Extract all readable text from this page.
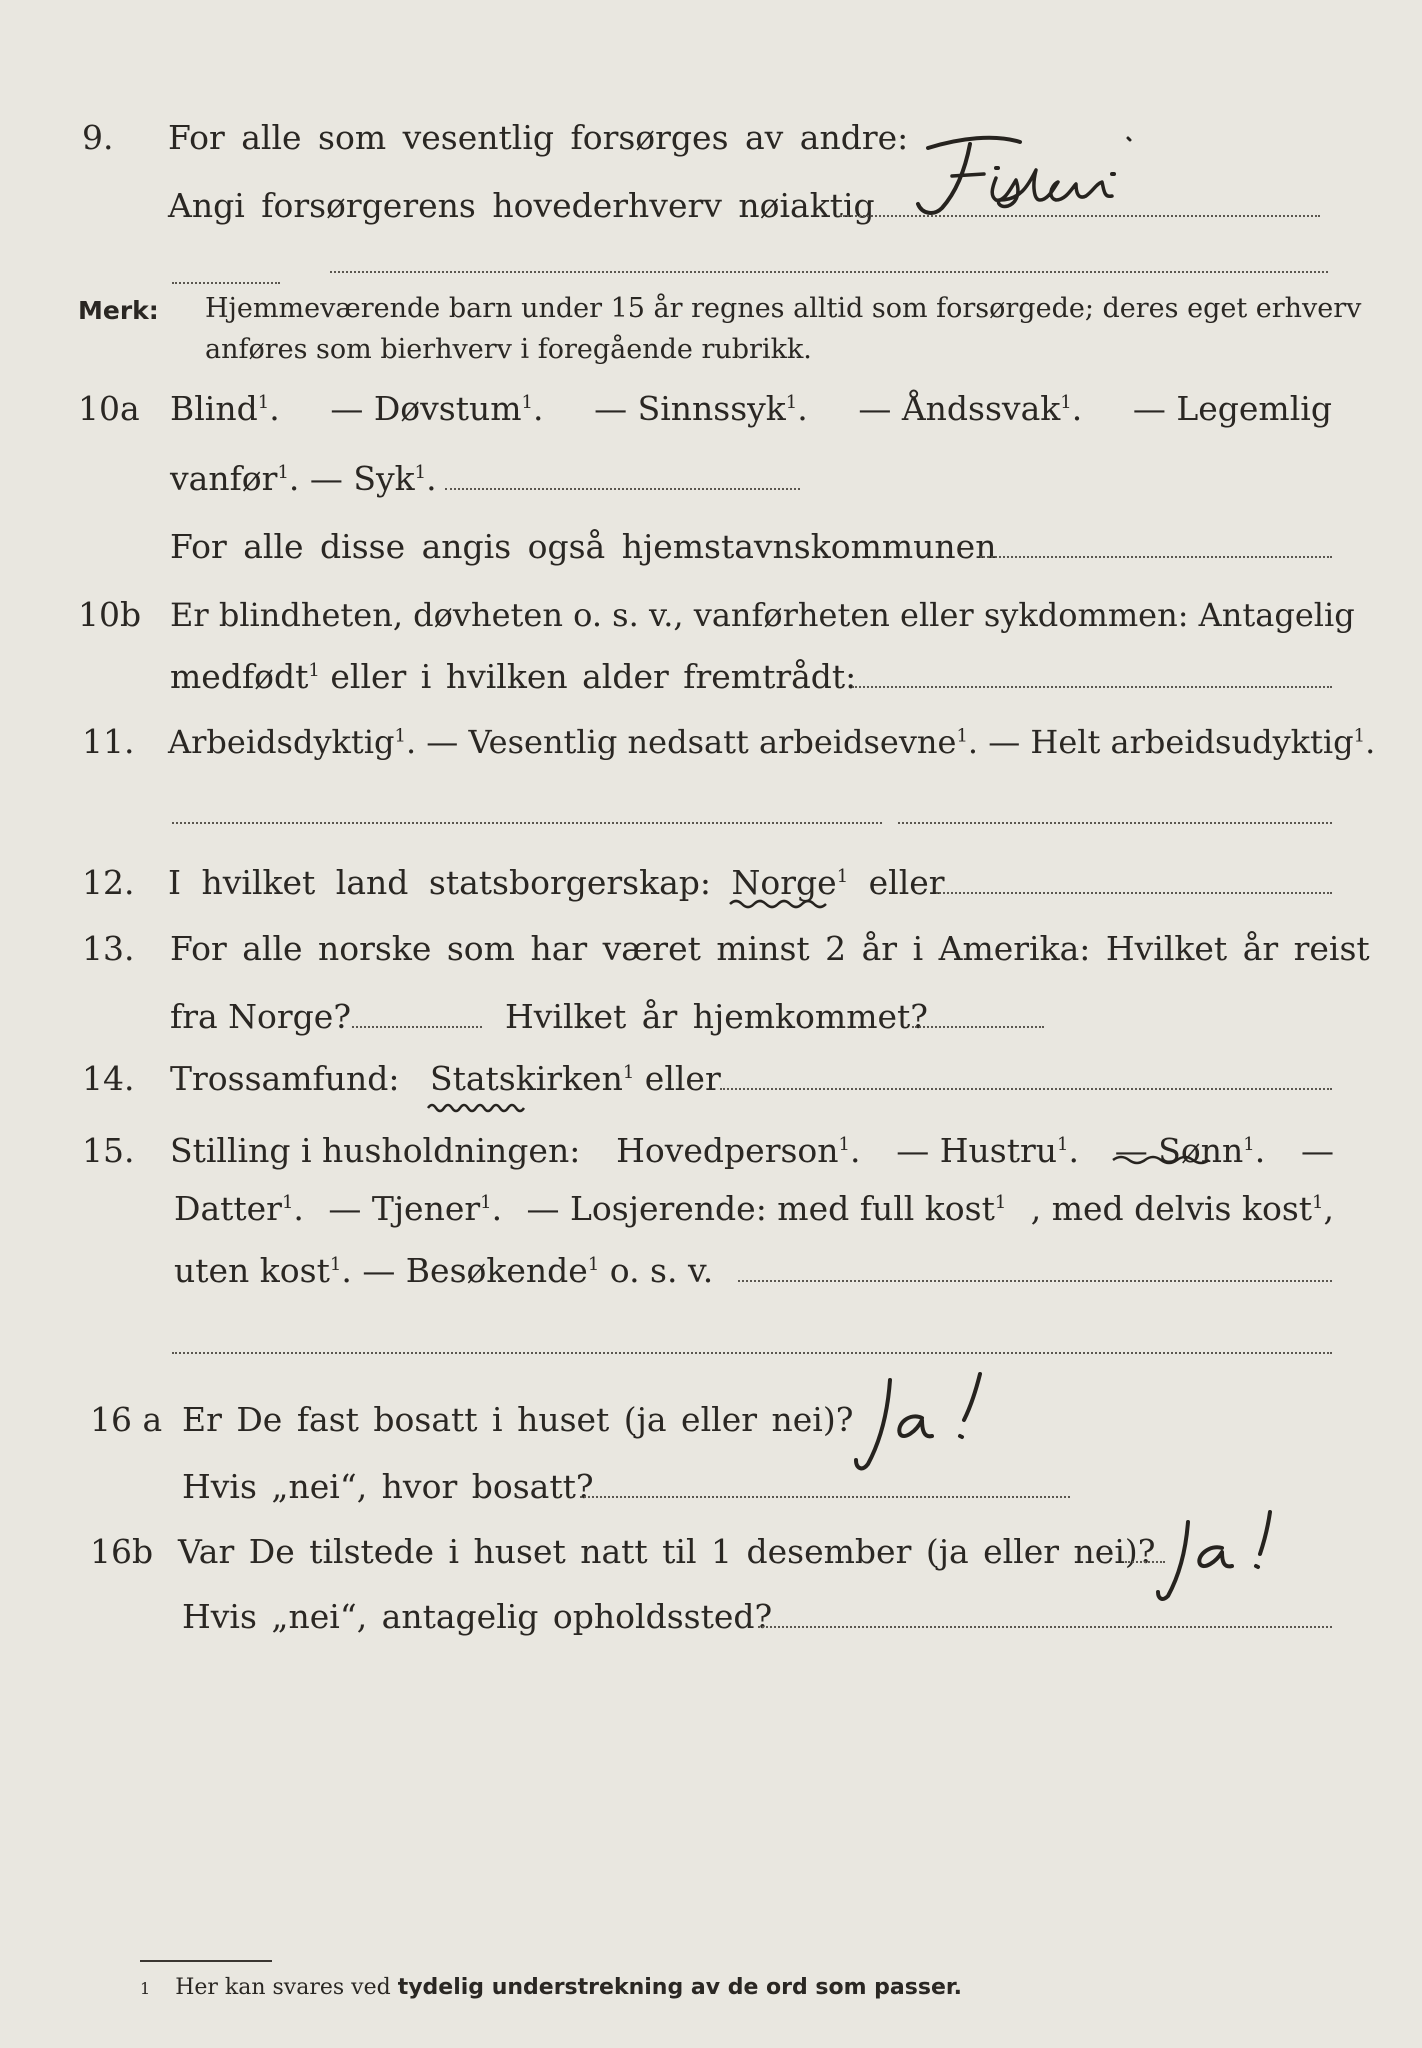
9.	For alle som vesentlig forsørges av andre:
Angi forsørgerens hovederhverv nøiaktig
Merk: Hjemmeværende barn under 15 år regnes alltid som forsørgede; deres eget erhverv
anføres som bierhverv i foregående rubrikk.
10a Blind$^1$. — Døvstum$^1$. — Sinnssyk$^1$. — Åndssvak$^1$. — Legemlig
vanfør$^1$. — Syk$^1$.
For alle disse angis også hjemstavnskommunen
10b Er blindheten, døvheten o. s. v., vanførheten eller sykdommen: Antagelig
medfødt$^1$ eller i hvilken alder fremtrådt:
11.	Arbeidsdyktig$^1$. — Vesentlig nedsatt arbeidsevne$^1$. — Helt arbeidsudyktig$^1$.
12.	I hvilket land statsborgerskap: Norge$^1$ eller
13.	For alle norske som har været minst 2 år i Amerika: Hvilket år reist
fra Norge?	Hvilket år hjemkommet?
14.	Trossamfund: Statskirken$^1$ eller
15.	Stilling i husholdningen: Hovedperson$^1$. — Hustru$^1$. — Sønn$^1$. —
Datter$^1$. — Tjener$^1$. — Losjerende: med full kost$^1$ , med delvis kost$^1$,
uten kost$^1$. — Besøkende$^1$ o. s. v.
16 a Er De fast bosatt i huset (ja eller nei)?
Hvis „nei“, hvor bosatt?
16b Var De tilstede i huset natt til 1 desember (ja eller nei)?
Hvis „nei“, antagelig opholdssted?
1 Her kan svares ved tydelig understrekning av de ord som passer.
